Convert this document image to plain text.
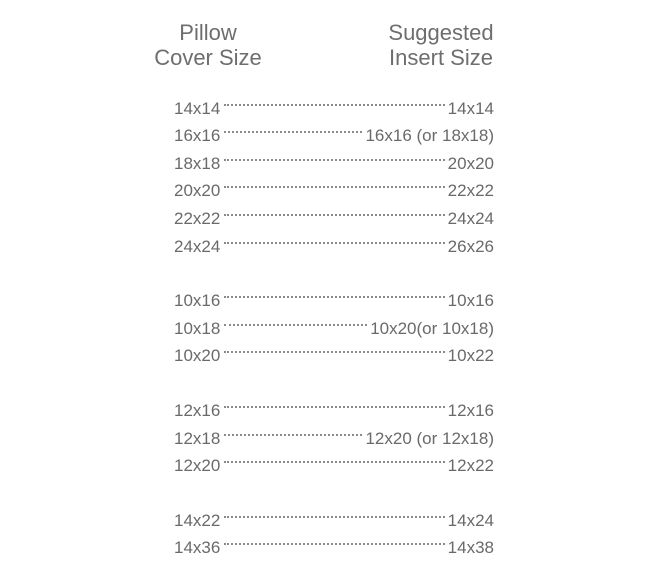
Pillow
Cover Size
Suggested
Insert Size
14x14	14x14
16x16	16x16 (or 18x18)
18x18	20x20
20x20	22x22
22x22	24x24
24x24	26x26
10x16	10x16
10x18	10x20(or 10x18)
10x20	10x22
12x16	12x16
12x18	12x20 (or 12x18)
12x20	12x22
14x22	14x24
14x36	14x38
